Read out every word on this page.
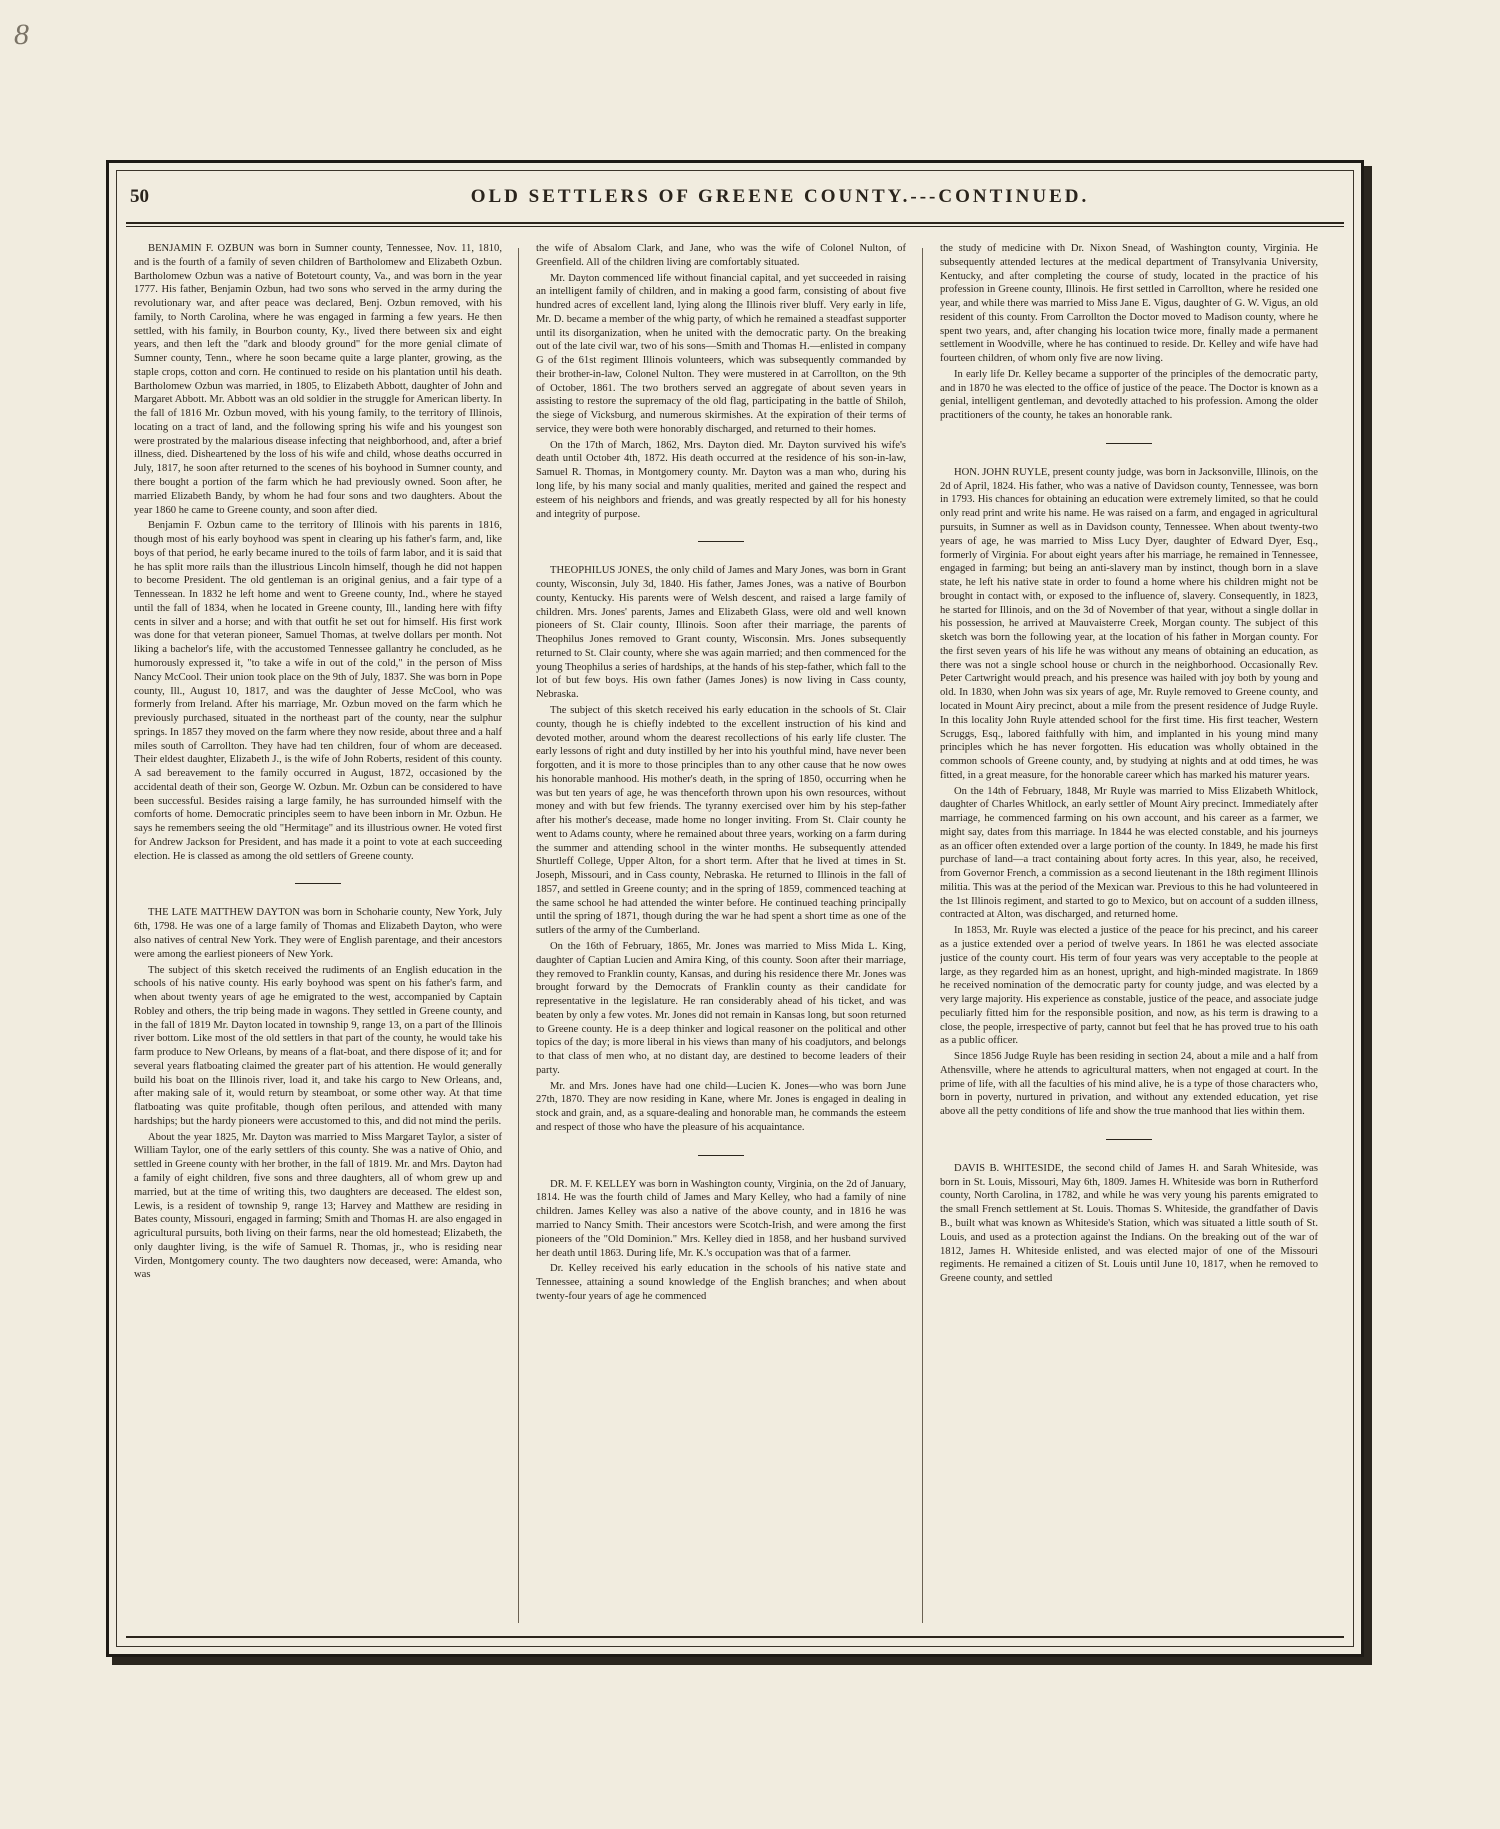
8
50	OLD SETTLERS OF GREENE COUNTY.---CONTINUED.

BENJAMIN F. OZBUN was born in Sumner county, Tennessee, Nov. 11, 1810, and is the fourth of a family of seven children of Bartholomew and Elizabeth Ozbun. Bartholomew Ozbun was a native of Botetourt county, Va., and was born in the year 1777. His father, Benjamin Ozbun, had two sons who served in the army during the revolutionary war, and after peace was declared, Benj. Ozbun removed, with his family, to North Carolina, where he was engaged in farming a few years. He then settled, with his family, in Bourbon county, Ky., lived there between six and eight years, and then left the "dark and bloody ground" for the more genial climate of Sumner county, Tenn., where he soon became quite a large planter, growing, as the staple crops, cotton and corn. He continued to reside on his plantation until his death. Bartholomew Ozbun was married, in 1805, to Elizabeth Abbott, daughter of John and Margaret Abbott. Mr. Abbott was an old soldier in the struggle for American liberty. In the fall of 1816 Mr. Ozbun moved, with his young family, to the territory of Illinois, locating on a tract of land, and the following spring his wife and his youngest son were prostrated by the malarious disease infecting that neighborhood, and, after a brief illness, died. Disheartened by the loss of his wife and child, whose deaths occurred in July, 1817, he soon after returned to the scenes of his boyhood in Sumner county, and there bought a portion of the farm which he had previously owned. Soon after, he married Elizabeth Bandy, by whom he had four sons and two daughters. About the year 1860 he came to Greene county, and soon after died.

Benjamin F. Ozbun came to the territory of Illinois with his parents in 1816, though most of his early boyhood was spent in clearing up his father's farm, and, like boys of that period, he early became inured to the toils of farm labor, and it is said that he has split more rails than the illustrious Lincoln himself, though he did not happen to become President. The old gentleman is an original genius, and a fair type of a Tennessean. In 1832 he left home and went to Greene county, Ind., where he stayed until the fall of 1834, when he located in Greene county, Ill., landing here with fifty cents in silver and a horse; and with that outfit he set out for himself. His first work was done for that veteran pioneer, Samuel Thomas, at twelve dollars per month. Not liking a bachelor's life, with the accustomed Tennessee gallantry he concluded, as he humorously expressed it, "to take a wife in out of the cold," in the person of Miss Nancy McCool. Their union took place on the 9th of July, 1837. She was born in Pope county, Ill., August 10, 1817, and was the daughter of Jesse McCool, who was formerly from Ireland. After his marriage, Mr. Ozbun moved on the farm which he previously purchased, situated in the northeast part of the county, near the sulphur springs. In 1857 they moved on the farm where they now reside, about three and a half miles south of Carrollton. They have had ten children, four of whom are deceased. Their eldest daughter, Elizabeth J., is the wife of John Roberts, resident of this county. A sad bereavement to the family occurred in August, 1872, occasioned by the accidental death of their son, George W. Ozbun. Mr. Ozbun can be considered to have been successful. Besides raising a large family, he has surrounded himself with the comforts of home. Democratic principles seem to have been inborn in Mr. Ozbun. He says he remembers seeing the old "Hermitage" and its illustrious owner. He voted first for Andrew Jackson for President, and has made it a point to vote at each succeeding election. He is classed as among the old settlers of Greene county.

THE LATE MATTHEW DAYTON was born in Schoharie county, New York, July 6th, 1798. He was one of a large family of Thomas and Elizabeth Dayton, who were also natives of central New York. They were of English parentage, and their ancestors were among the earliest pioneers of New York.

The subject of this sketch received the rudiments of an English education in the schools of his native county. His early boyhood was spent on his father's farm, and when about twenty years of age he emigrated to the west, accompanied by Captain Robley and others, the trip being made in wagons. They settled in Greene county, and in the fall of 1819 Mr. Dayton located in township 9, range 13, on a part of the Illinois river bottom. Like most of the old settlers in that part of the county, he would take his farm produce to New Orleans, by means of a flat-boat, and there dispose of it; and for several years flatboating claimed the greater part of his attention. He would generally build his boat on the Illinois river, load it, and take his cargo to New Orleans, and, after making sale of it, would return by steamboat, or some other way. At that time flatboating was quite profitable, though often perilous, and attended with many hardships; but the hardy pioneers were accustomed to this, and did not mind the perils.

About the year 1825, Mr. Dayton was married to Miss Margaret Taylor, a sister of William Taylor, one of the early settlers of this county. She was a native of Ohio, and settled in Greene county with her brother, in the fall of 1819. Mr. and Mrs. Dayton had a family of eight children, five sons and three daughters, all of whom grew up and married, but at the time of writing this, two daughters are deceased. The eldest son, Lewis, is a resident of township 9, range 13; Harvey and Matthew are residing in Bates county, Missouri, engaged in farming; Smith and Thomas H. are also engaged in agricultural pursuits, both living on their farms, near the old homestead; Elizabeth, the only daughter living, is the wife of Samuel R. Thomas, jr., who is residing near Virden, Montgomery county. The two daughters now deceased, were: Amanda, who was

the wife of Absalom Clark, and Jane, who was the wife of Colonel Nulton, of Greenfield. All of the children living are comfortably situated.

Mr. Dayton commenced life without financial capital, and yet succeeded in raising an intelligent family of children, and in making a good farm, consisting of about five hundred acres of excellent land, lying along the Illinois river bluff. Very early in life, Mr. D. became a member of the whig party, of which he remained a steadfast supporter until its disorganization, when he united with the democratic party. On the breaking out of the late civil war, two of his sons—Smith and Thomas H.—enlisted in company G of the 61st regiment Illinois volunteers, which was subsequently commanded by their brother-in-law, Colonel Nulton. They were mustered in at Carrollton, on the 9th of October, 1861. The two brothers served an aggregate of about seven years in assisting to restore the supremacy of the old flag, participating in the battle of Shiloh, the siege of Vicksburg, and numerous skirmishes. At the expiration of their terms of service, they were both were honorably discharged, and returned to their homes.

On the 17th of March, 1862, Mrs. Dayton died. Mr. Dayton survived his wife's death until October 4th, 1872. His death occurred at the residence of his son-in-law, Samuel R. Thomas, in Montgomery county. Mr. Dayton was a man who, during his long life, by his many social and manly qualities, merited and gained the respect and esteem of his neighbors and friends, and was greatly respected by all for his honesty and integrity of purpose.

THEOPHILUS JONES, the only child of James and Mary Jones, was born in Grant county, Wisconsin, July 3d, 1840. His father, James Jones, was a native of Bourbon county, Kentucky. His parents were of Welsh descent, and raised a large family of children. Mrs. Jones' parents, James and Elizabeth Glass, were old and well known pioneers of St. Clair county, Illinois. Soon after their marriage, the parents of Theophilus Jones removed to Grant county, Wisconsin. Mrs. Jones subsequently returned to St. Clair county, where she was again married; and then commenced for the young Theophilus a series of hardships, at the hands of his step-father, which fall to the lot of but few boys. His own father (James Jones) is now living in Cass county, Nebraska.

The subject of this sketch received his early education in the schools of St. Clair county, though he is chiefly indebted to the excellent instruction of his kind and devoted mother, around whom the dearest recollections of his early life cluster. The early lessons of right and duty instilled by her into his youthful mind, have never been forgotten, and it is more to those principles than to any other cause that he now owes his honorable manhood. His mother's death, in the spring of 1850, occurring when he was but ten years of age, he was thenceforth thrown upon his own resources, without money and with but few friends. The tyranny exercised over him by his step-father after his mother's decease, made home no longer inviting. From St. Clair county he went to Adams county, where he remained about three years, working on a farm during the summer and attending school in the winter months. He subsequently attended Shurtleff College, Upper Alton, for a short term. After that he lived at times in St. Joseph, Missouri, and in Cass county, Nebraska. He returned to Illinois in the fall of 1857, and settled in Greene county; and in the spring of 1859, commenced teaching at the same school he had attended the winter before. He continued teaching principally until the spring of 1871, though during the war he had spent a short time as one of the sutlers of the army of the Cumberland.

On the 16th of February, 1865, Mr. Jones was married to Miss Mida L. King, daughter of Captian Lucien and Amira King, of this county. Soon after their marriage, they removed to Franklin county, Kansas, and during his residence there Mr. Jones was brought forward by the Democrats of Franklin county as their candidate for representative in the legislature. He ran considerably ahead of his ticket, and was beaten by only a few votes. Mr. Jones did not remain in Kansas long, but soon returned to Greene county. He is a deep thinker and logical reasoner on the political and other topics of the day; is more liberal in his views than many of his coadjutors, and belongs to that class of men who, at no distant day, are destined to become leaders of their party.

Mr. and Mrs. Jones have had one child—Lucien K. Jones—who was born June 27th, 1870. They are now residing in Kane, where Mr. Jones is engaged in dealing in stock and grain, and, as a square-dealing and honorable man, he commands the esteem and respect of those who have the pleasure of his acquaintance.

DR. M. F. KELLEY was born in Washington county, Virginia, on the 2d of January, 1814. He was the fourth child of James and Mary Kelley, who had a family of nine children. James Kelley was also a native of the above county, and in 1816 he was married to Nancy Smith. Their ancestors were Scotch-Irish, and were among the first pioneers of the "Old Dominion." Mrs. Kelley died in 1858, and her husband survived her death until 1863. During life, Mr. K.'s occupation was that of a farmer.

Dr. Kelley received his early education in the schools of his native state and Tennessee, attaining a sound knowledge of the English branches; and when about twenty-four years of age he commenced

the study of medicine with Dr. Nixon Snead, of Washington county, Virginia. He subsequently attended lectures at the medical department of Transylvania University, Kentucky, and after completing the course of study, located in the practice of his profession in Greene county, Illinois. He first settled in Carrollton, where he resided one year, and while there was married to Miss Jane E. Vigus, daughter of G. W. Vigus, an old resident of this county. From Carrollton the Doctor moved to Madison county, where he spent two years, and, after changing his location twice more, finally made a permanent settlement in Woodville, where he has continued to reside. Dr. Kelley and wife have had fourteen children, of whom only five are now living.

In early life Dr. Kelley became a supporter of the principles of the democratic party, and in 1870 he was elected to the office of justice of the peace. The Doctor is known as a genial, intelligent gentleman, and devotedly attached to his profession. Among the older practitioners of the county, he takes an honorable rank.

HON. JOHN RUYLE, present county judge, was born in Jacksonville, Illinois, on the 2d of April, 1824. His father, who was a native of Davidson county, Tennessee, was born in 1793. His chances for obtaining an education were extremely limited, so that he could only read print and write his name. He was raised on a farm, and engaged in agricultural pursuits, in Sumner as well as in Davidson county, Tennessee. When about twenty-two years of age, he was married to Miss Lucy Dyer, daughter of Edward Dyer, Esq., formerly of Virginia. For about eight years after his marriage, he remained in Tennessee, engaged in farming; but being an anti-slavery man by instinct, though born in a slave state, he left his native state in order to found a home where his children might not be brought in contact with, or exposed to the influence of, slavery. Consequently, in 1823, he started for Illinois, and on the 3d of November of that year, without a single dollar in his possession, he arrived at Mauvaisterre Creek, Morgan county. The subject of this sketch was born the following year, at the location of his father in Morgan county. For the first seven years of his life he was without any means of obtaining an education, as there was not a single school house or church in the neighborhood. Occasionally Rev. Peter Cartwright would preach, and his presence was hailed with joy both by young and old. In 1830, when John was six years of age, Mr. Ruyle removed to Greene county, and located in Mount Airy precinct, about a mile from the present residence of Judge Ruyle. In this locality John Ruyle attended school for the first time. His first teacher, Western Scruggs, Esq., labored faithfully with him, and implanted in his young mind many principles which he has never forgotten. His education was wholly obtained in the common schools of Greene county, and, by studying at nights and at odd times, he was fitted, in a great measure, for the honorable career which has marked his maturer years.

On the 14th of February, 1848, Mr Ruyle was married to Miss Elizabeth Whitlock, daughter of Charles Whitlock, an early settler of Mount Airy precinct. Immediately after marriage, he commenced farming on his own account, and his career as a farmer, we might say, dates from this marriage. In 1844 he was elected constable, and his journeys as an officer often extended over a large portion of the county. In 1849, he made his first purchase of land—a tract containing about forty acres. In this year, also, he received, from Governor French, a commission as a second lieutenant in the 18th regiment Illinois militia. This was at the period of the Mexican war. Previous to this he had volunteered in the 1st Illinois regiment, and started to go to Mexico, but on account of a sudden illness, contracted at Alton, was discharged, and returned home.

In 1853, Mr. Ruyle was elected a justice of the peace for his precinct, and his career as a justice extended over a period of twelve years. In 1861 he was elected associate justice of the county court. His term of four years was very acceptable to the people at large, as they regarded him as an honest, upright, and high-minded magistrate. In 1869 he received nomination of the democratic party for county judge, and was elected by a very large majority. His experience as constable, justice of the peace, and associate judge peculiarly fitted him for the responsible position, and now, as his term is drawing to a close, the people, irrespective of party, cannot but feel that he has proved true to his oath as a public officer.

Since 1856 Judge Ruyle has been residing in section 24, about a mile and a half from Athensville, where he attends to agricultural matters, when not engaged at court. In the prime of life, with all the faculties of his mind alive, he is a type of those characters who, born in poverty, nurtured in privation, and without any extended education, yet rise above all the petty conditions of life and show the true manhood that lies within them.

DAVIS B. WHITESIDE, the second child of James H. and Sarah Whiteside, was born in St. Louis, Missouri, May 6th, 1809. James H. Whiteside was born in Rutherford county, North Carolina, in 1782, and while he was very young his parents emigrated to the small French settlement at St. Louis. Thomas S. Whiteside, the grandfather of Davis B., built what was known as Whiteside's Station, which was situated a little south of St. Louis, and used as a protection against the Indians. On the breaking out of the war of 1812, James H. Whiteside enlisted, and was elected major of one of the Missouri regiments. He remained a citizen of St. Louis until June 10, 1817, when he removed to Greene county, and settled
